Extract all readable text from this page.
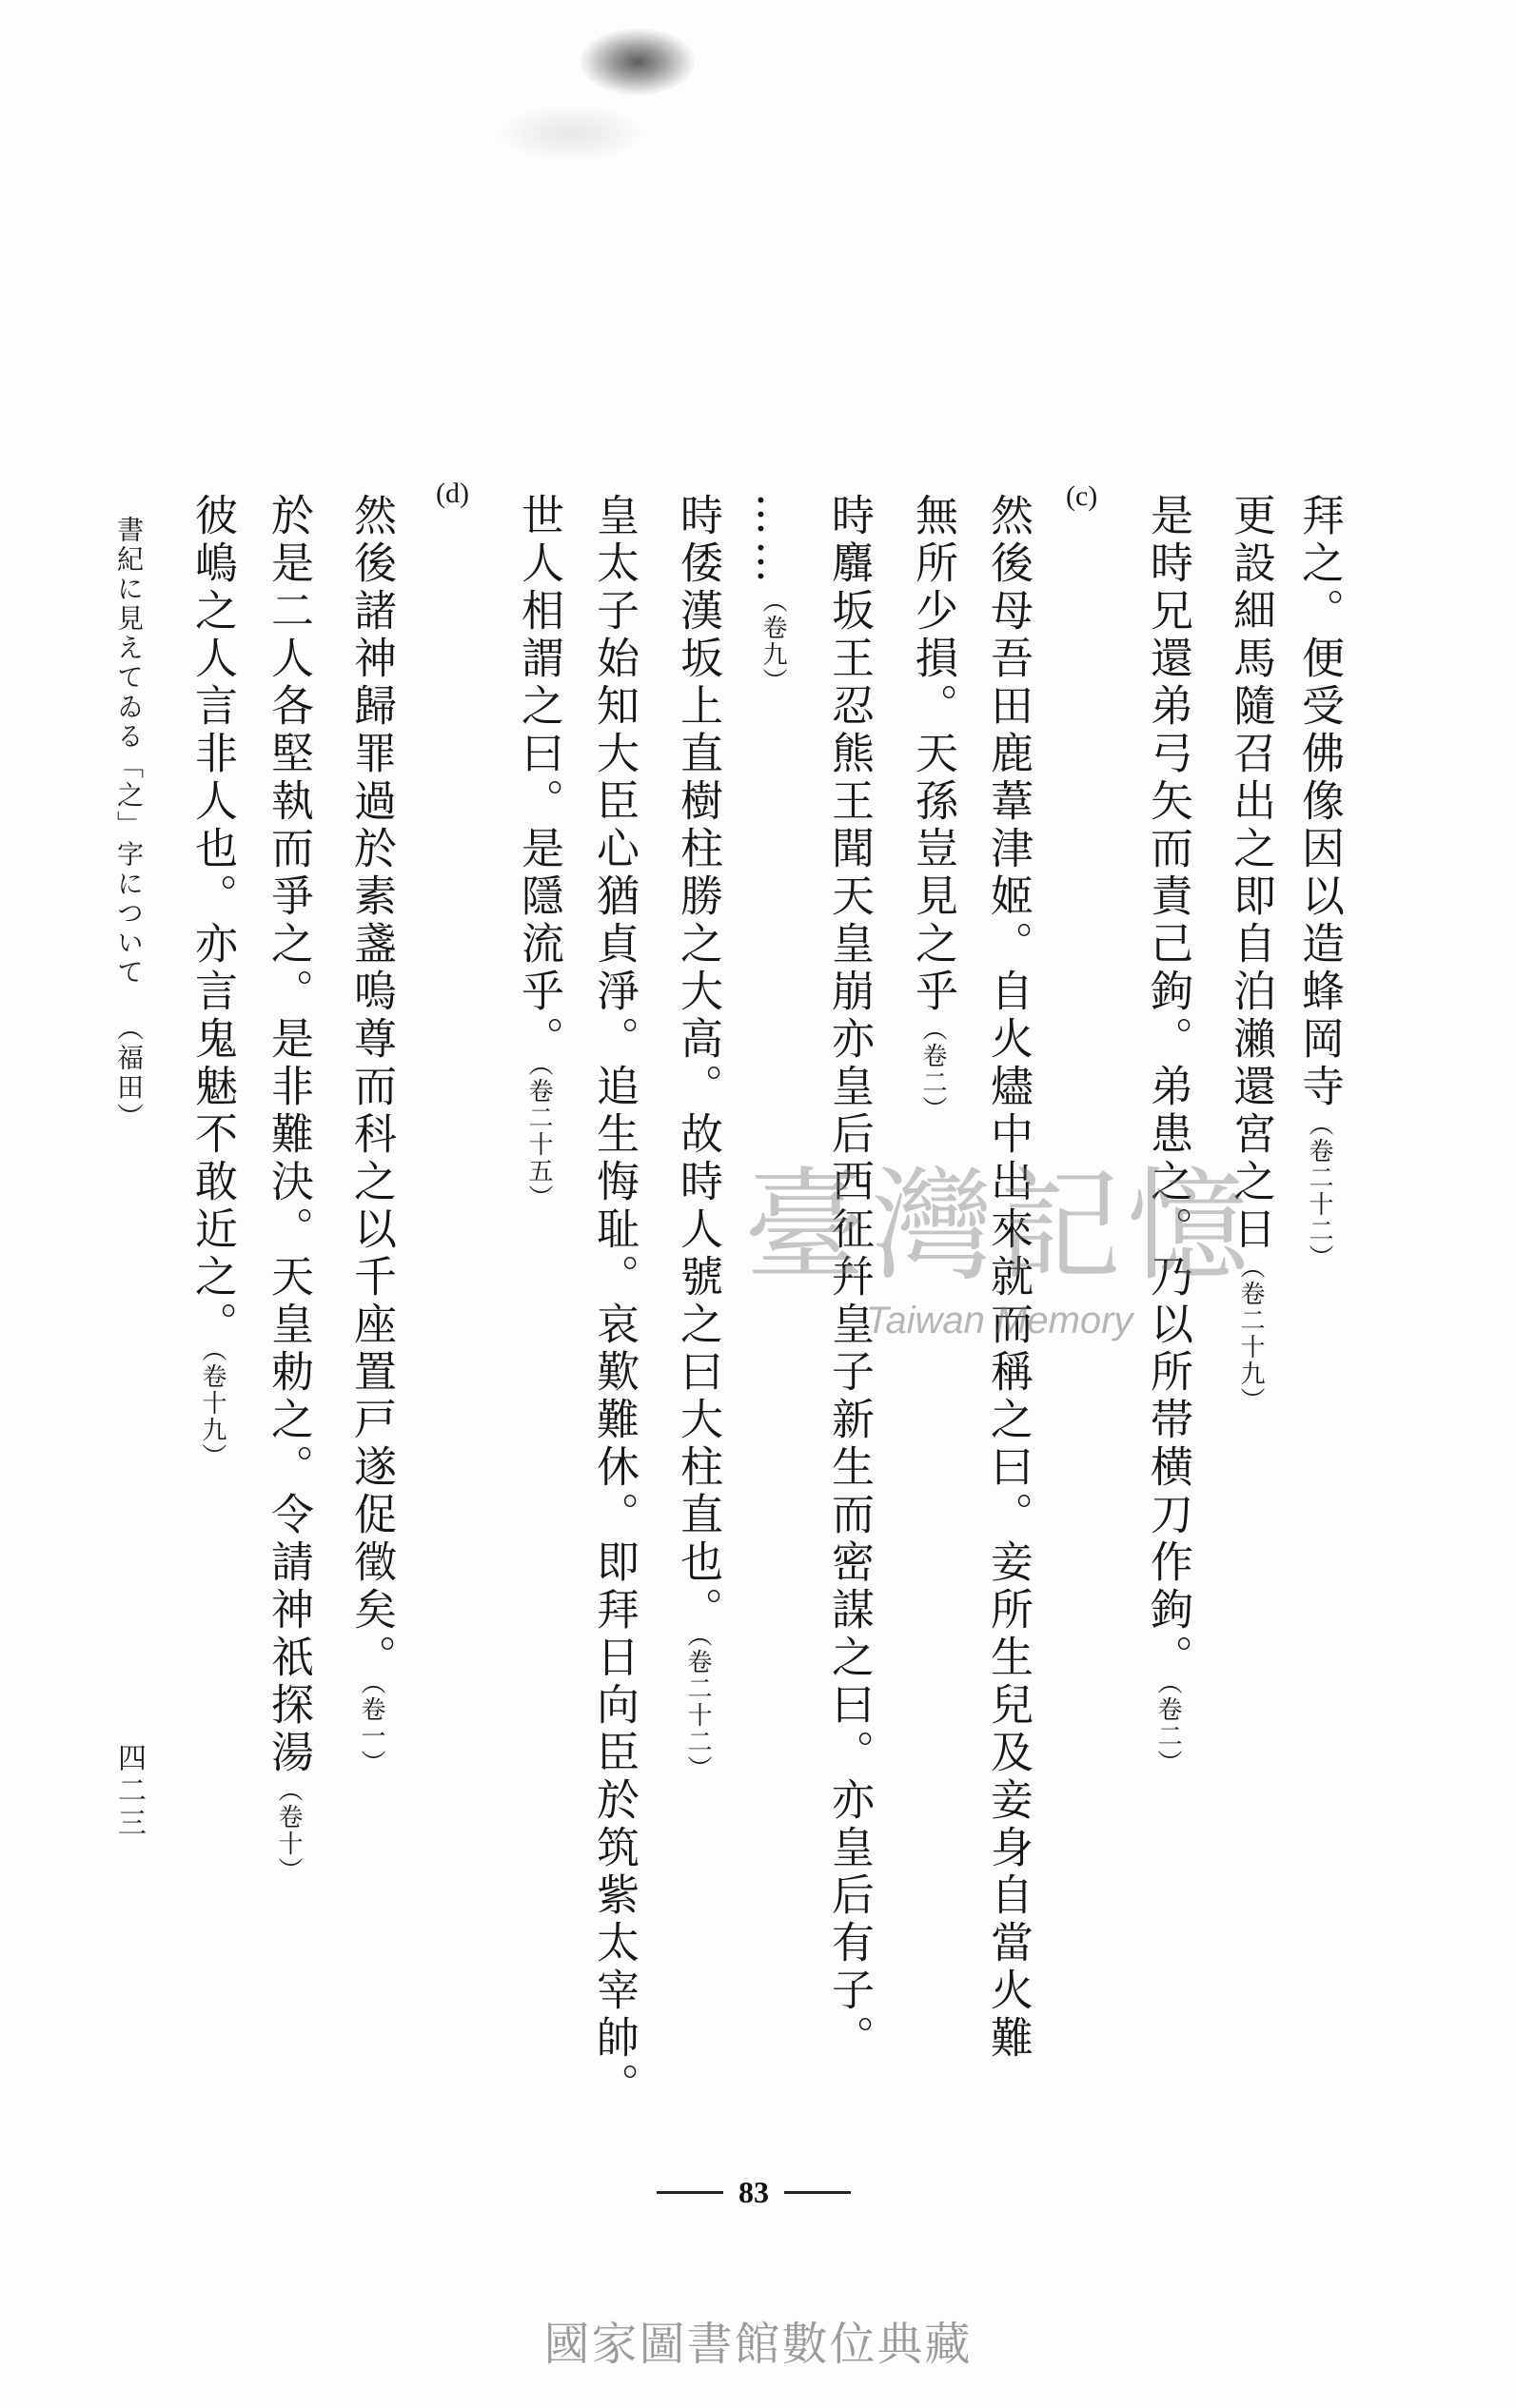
拜之。便受佛像因以造蜂岡寺（卷二十二）
更設細馬隨召出之即自泊瀨還宮之日（卷二十九）
是時兄還弟弓矢而責己鉤。弟患之。乃以所帯横刀作鉤。（卷二）
(c)
然後母吾田鹿葦津姬。自火燼中出來就而稱之曰。妾所生兒及妾身自當火難
無所少損。天孫豈見之乎（卷二）
時麛坂王忍熊王聞天皇崩亦皇后西征幷皇子新生而密謀之曰。亦皇后有子。
……（卷九）
時倭漢坂上直樹柱勝之大高。故時人號之曰大柱直也。（卷二十二）
皇太子始知大臣心猶貞淨。追生悔耻。哀歎難休。即拜日向臣於筑紫太宰帥。
世人相謂之曰。是隱流乎。（卷二十五）
(d)
然後諸神歸罪過於素盞嗚尊而科之以千座置戸遂促徵矣。（卷一）
於是二人各堅執而爭之。是非難決。天皇勅之。令請神祇探湯（卷十）
彼嶋之人言非人也。亦言鬼魅不敢近之。（卷十九）
書紀に見えてゐる「之」字について（福田）
四二三
臺灣記憶
Taiwan Memory
83
國家圖書館數位典藏
